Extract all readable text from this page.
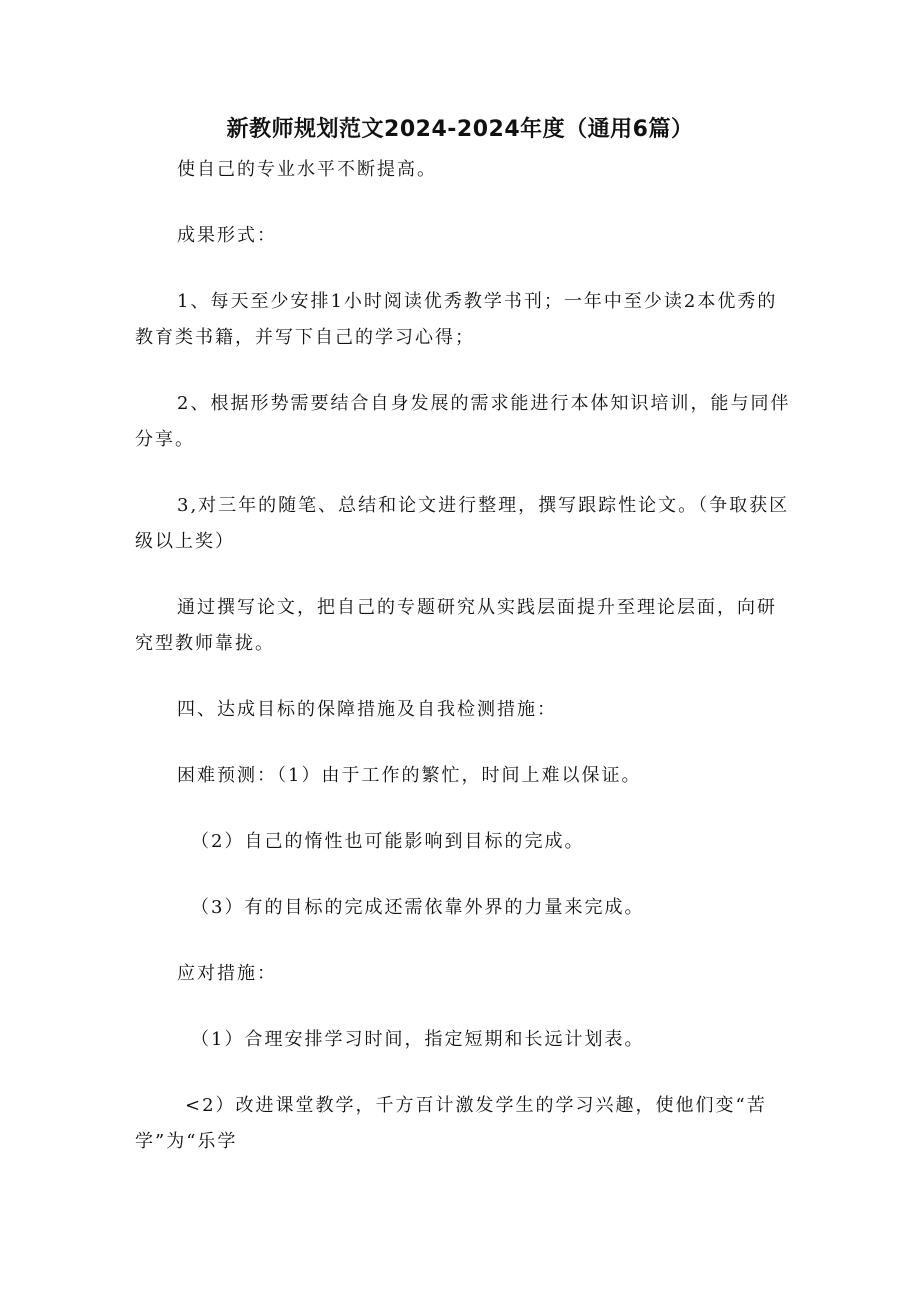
新教师规划范文2024-2024年度（通用6篇）
使自己的专业水平不断提高。
成果形式：
1、每天至少安排1小时阅读优秀教学书刊；一年中至少读2本优秀的教育类书籍，并写下自己的学习心得；
2、根据形势需要结合自身发展的需求能进行本体知识培训，能与同伴分享。
3,对三年的随笔、总结和论文进行整理，撰写跟踪性论文。（争取获区级以上奖）
通过撰写论文，把自己的专题研究从实践层面提升至理论层面，向研究型教师靠拢。
四、达成目标的保障措施及自我检测措施：
困难预测：（1）由于工作的繁忙，时间上难以保证。
（2）自己的惰性也可能影响到目标的完成。
（3）有的目标的完成还需依靠外界的力量来完成。
应对措施：
（1）合理安排学习时间，指定短期和长远计划表。
<2）改进课堂教学，千方百计激发学生的学习兴趣，使他们变“苦学”为“乐学
